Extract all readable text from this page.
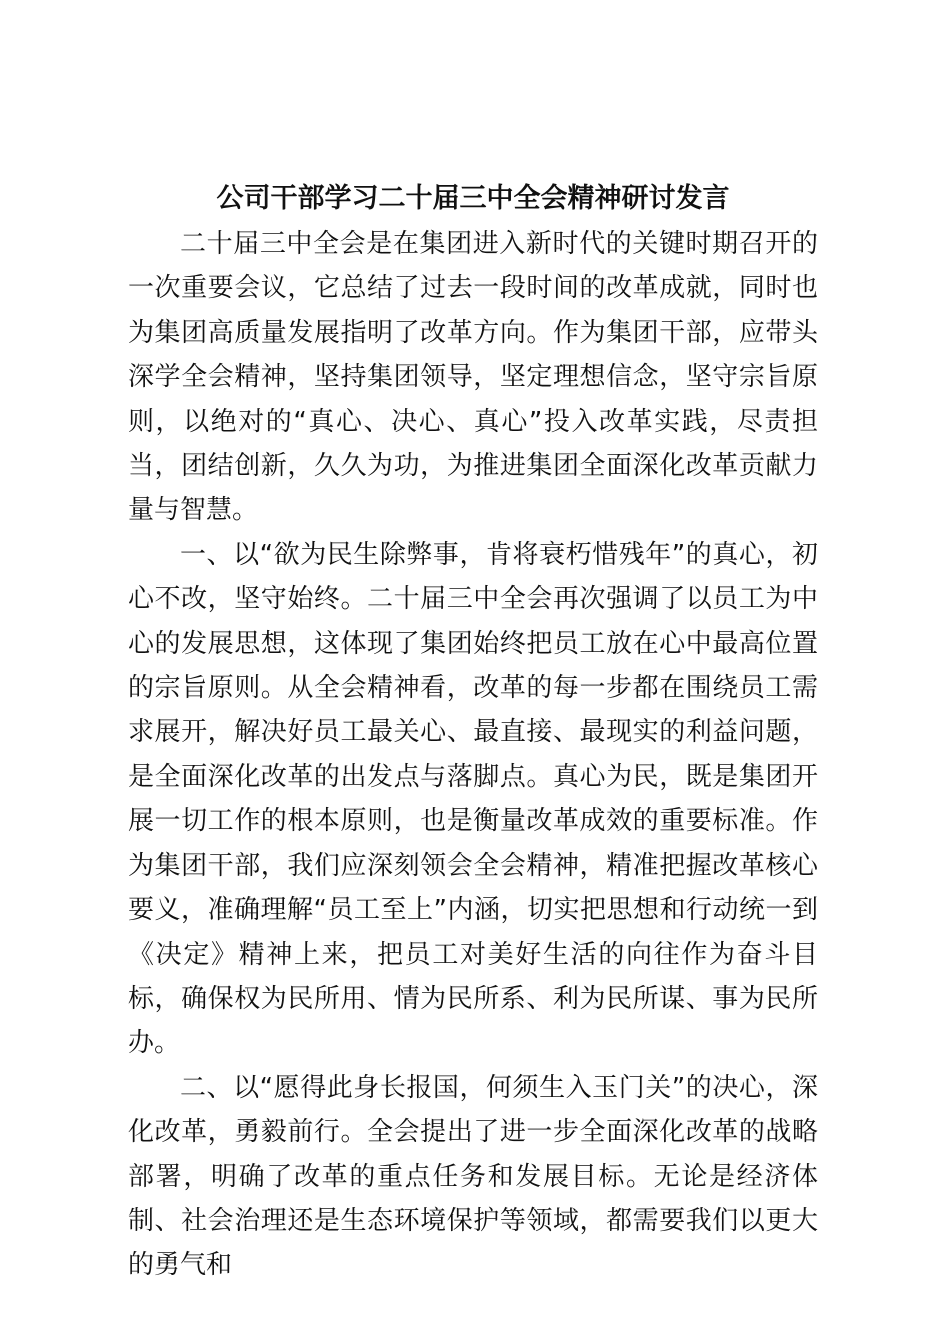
公司干部学习二十届三中全会精神研讨发言

二十届三中全会是在集团进入新时代的关键时期召开的一次重要会议，它总结了过去一段时间的改革成就，同时也为集团高质量发展指明了改革方向。作为集团干部，应带头深学全会精神，坚持集团领导，坚定理想信念，坚守宗旨原则，以绝对的“真心、决心、真心”投入改革实践，尽责担当，团结创新，久久为功，为推进集团全面深化改革贡献力量与智慧。

一、以“欲为民生除弊事，肯将衰朽惜残年”的真心，初心不改，坚守始终。二十届三中全会再次强调了以员工为中心的发展思想，这体现了集团始终把员工放在心中最高位置的宗旨原则。从全会精神看，改革的每一步都在围绕员工需求展开，解决好员工最关心、最直接、最现实的利益问题，是全面深化改革的出发点与落脚点。真心为民，既是集团开展一切工作的根本原则，也是衡量改革成效的重要标准。作为集团干部，我们应深刻领会全会精神，精准把握改革核心要义，准确理解“员工至上”内涵，切实把思想和行动统一到《决定》精神上来，把员工对美好生活的向往作为奋斗目标，确保权为民所用、情为民所系、利为民所谋、事为民所办。

二、以“愿得此身长报国，何须生入玉门关”的决心，深化改革，勇毅前行。全会提出了进一步全面深化改革的战略部署，明确了改革的重点任务和发展目标。无论是经济体制、社会治理还是生态环境保护等领域，都需要我们以更大的勇气和
